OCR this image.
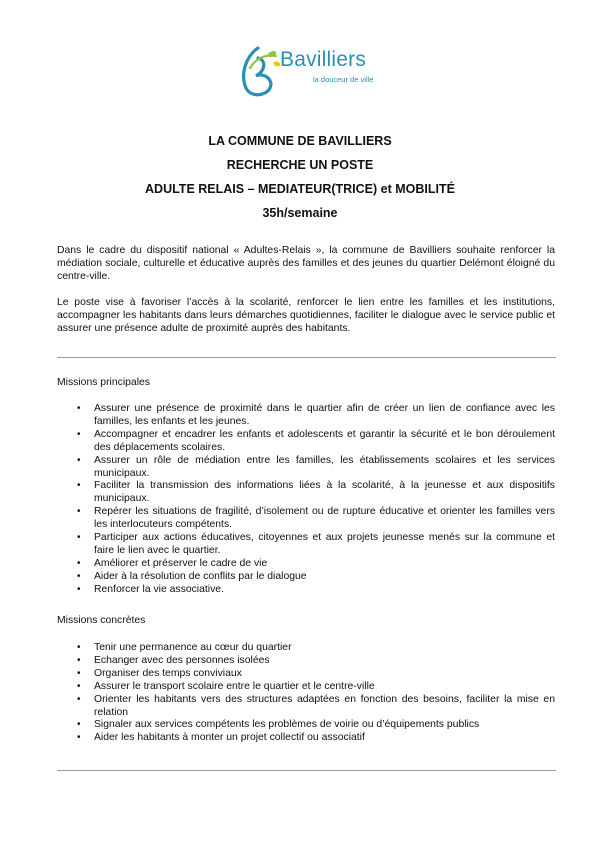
Bavilliers
la douceur de ville
LA COMMUNE DE BAVILLIERS
RECHERCHE UN POSTE
ADULTE RELAIS – MEDIATEUR(TRICE) et MOBILITÉ
35h/semaine

Dans le cadre du dispositif national « Adultes-Relais », la commune de Bavilliers souhaite renforcer la médiation sociale, culturelle et éducative auprès des familles et des jeunes du quartier Delémont éloigné du centre-ville.

Le poste vise à favoriser l’accès à la scolarité, renforcer le lien entre les familles et les institutions, accompagner les habitants dans leurs démarches quotidiennes, faciliter le dialogue avec le service public et assurer une présence adulte de proximité auprès des habitants.

Missions principales

• Assurer une présence de proximité dans le quartier afin de créer un lien de confiance avec les familles, les enfants et les jeunes.
• Accompagner et encadrer les enfants et adolescents et garantir la sécurité et le bon déroulement des déplacements scolaires.
• Assurer un rôle de médiation entre les familles, les établissements scolaires et les services municipaux.
• Faciliter la transmission des informations liées à la scolarité, à la jeunesse et aux dispositifs municipaux.
• Repérer les situations de fragilité, d’isolement ou de rupture éducative et orienter les familles vers les interlocuteurs compétents.
• Participer aux actions éducatives, citoyennes et aux projets jeunesse menés sur la commune et faire le lien avec le quartier.
• Améliorer et préserver le cadre de vie
• Aider à la résolution de conflits par le dialogue
• Renforcer la vie associative.

Missions concrètes

• Tenir une permanence au cœur du quartier
• Echanger avec des personnes isolées
• Organiser des temps conviviaux
• Assurer le transport scolaire entre le quartier et le centre-ville
• Orienter les habitants vers des structures adaptées en fonction des besoins, faciliter la mise en relation
• Signaler aux services compétents les problèmes de voirie ou d’équipements publics
• Aider les habitants à monter un projet collectif ou associatif
